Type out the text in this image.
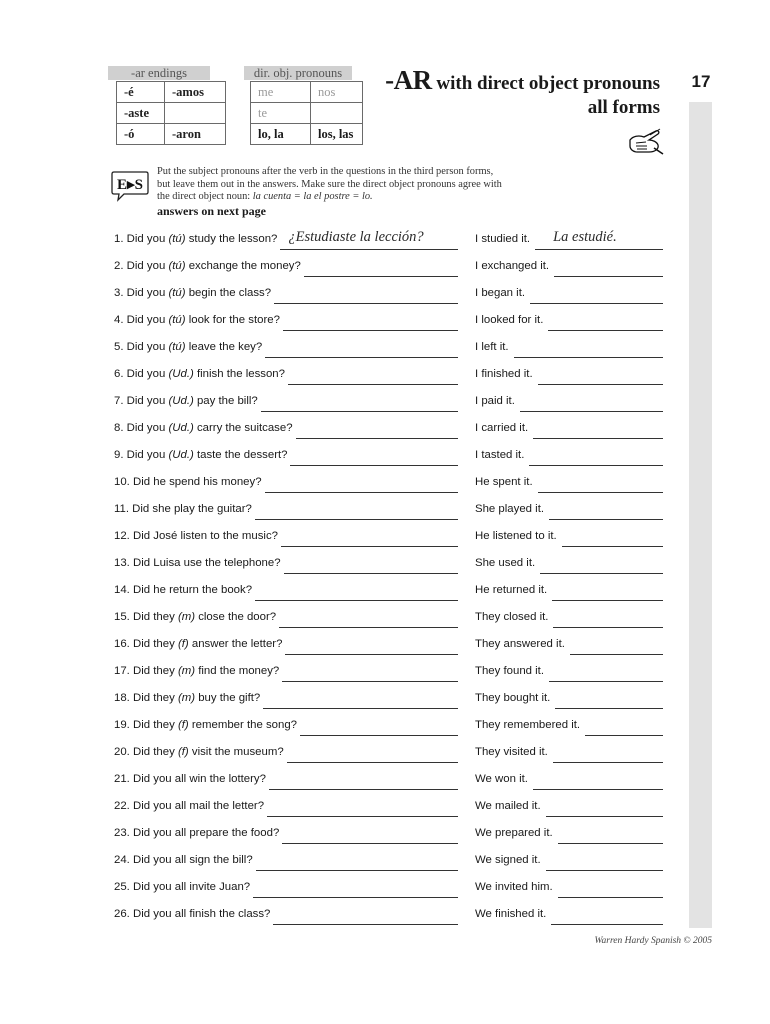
17
-ar endings
-é	-amos
-aste	
-ó	-aron
dir. obj. pronouns
me	nos
te	
lo, la	los, las
-AR with direct object pronouns
all forms
E▸S
Put the subject pronouns after the verb in the questions in the third person forms, but leave them out in the answers. Make sure the direct object pronouns agree with the direct object noun: la cuenta = la el postre = lo.
answers on next page
1. Did you (tú) study the lesson?	I studied it.
¿Estudiaste la lección?	La estudié.
2. Did you (tú) exchange the money?	I exchanged it.
3. Did you (tú) begin the class?	I began it.
4. Did you (tú) look for the store?	I looked for it.
5. Did you (tú) leave the key?	I left it.
6. Did you (Ud.) finish the lesson?	I finished it.
7. Did you (Ud.) pay the bill?	I paid it.
8. Did you (Ud.) carry the suitcase?	I carried it.
9. Did you (Ud.) taste the dessert?	I tasted it.
10. Did he spend his money?	He spent it.
11. Did she play the guitar?	She played it.
12. Did José listen to the music?	He listened to it.
13. Did Luisa use the telephone?	She used it.
14. Did he return the book?	He returned it.
15. Did they (m) close the door?	They closed it.
16. Did they (f) answer the letter?	They answered it.
17. Did they (m) find the money?	They found it.
18. Did they (m) buy the gift?	They bought it.
19. Did they (f) remember the song?	They remembered it.
20. Did they (f) visit the museum?	They visited it.
21. Did you all win the lottery?	We won it.
22. Did you all mail the letter?	We mailed it.
23. Did you all prepare the food?	We prepared it.
24. Did you all sign the bill?	We signed it.
25. Did you all invite Juan?	We invited him.
26. Did you all finish the class?	We finished it.
Warren Hardy Spanish © 2005
